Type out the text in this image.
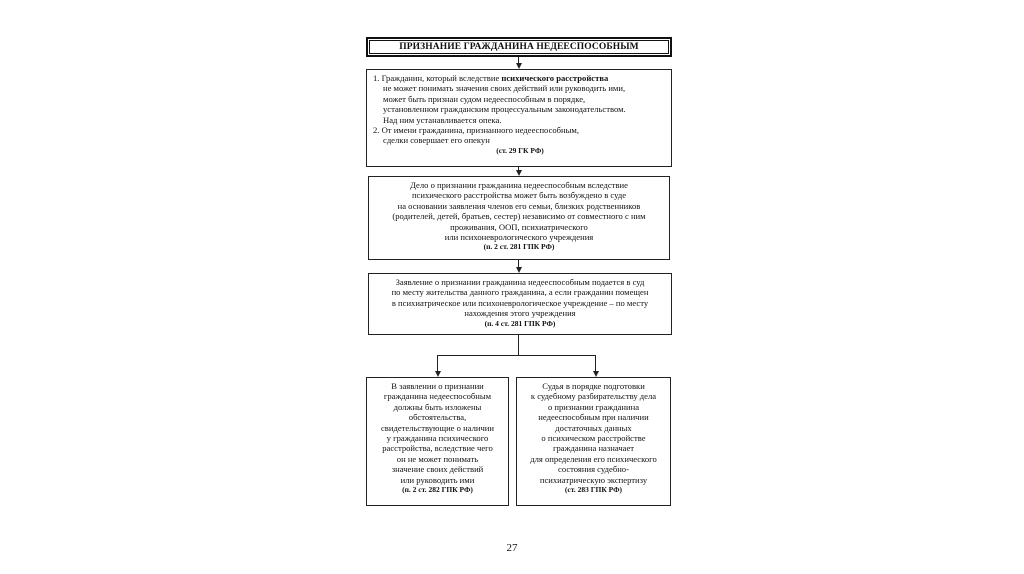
ПРИЗНАНИЕ ГРАЖДАНИНА НЕДЕЕСПОСОБНЫМ
1. Гражданин, который вследствие психического расстройства
не может понимать значения своих действий или руководить ими,
может быть признан судом недееспособным в порядке,
установленном гражданским процессуальным законодательством.
Над ним устанавливается опека.
2. От имени гражданина, признанного недееспособным,
сделки совершает его опекун
(ст. 29 ГК РФ)
Дело о признании гражданина недееспособным вследствие
психического расстройства может быть возбуждено в суде
на основании заявления членов его семьи, близких родственников
(родителей, детей, братьев, сестер) независимо от совместного с ним
проживания, ООП, психиатрического
или психоневрологического учреждения
(п. 2 ст. 281 ГПК РФ)
Заявление о признании гражданина недееспособным подается в суд
по месту жительства данного гражданина, а если гражданин помещен
в психиатрическое или психоневрологическое учреждение – по месту
нахождения этого учреждения
(п. 4 ст. 281 ГПК РФ)
В заявлении о признании
гражданина недееспособным
должны быть изложены
обстоятельства,
свидетельствующие о наличии
у гражданина психического
расстройства, вследствие чего
он не может понимать
значение своих действий
или руководить ими
(п. 2 ст. 282 ГПК РФ)
Судья в порядке подготовки
к судебному разбирательству дела
о признании гражданина
недееспособным при наличии
достаточных данных
о психическом расстройстве
гражданина назначает
для определения его психического
состояния судебно-
психиатрическую экспертизу
(ст. 283 ГПК РФ)
27
